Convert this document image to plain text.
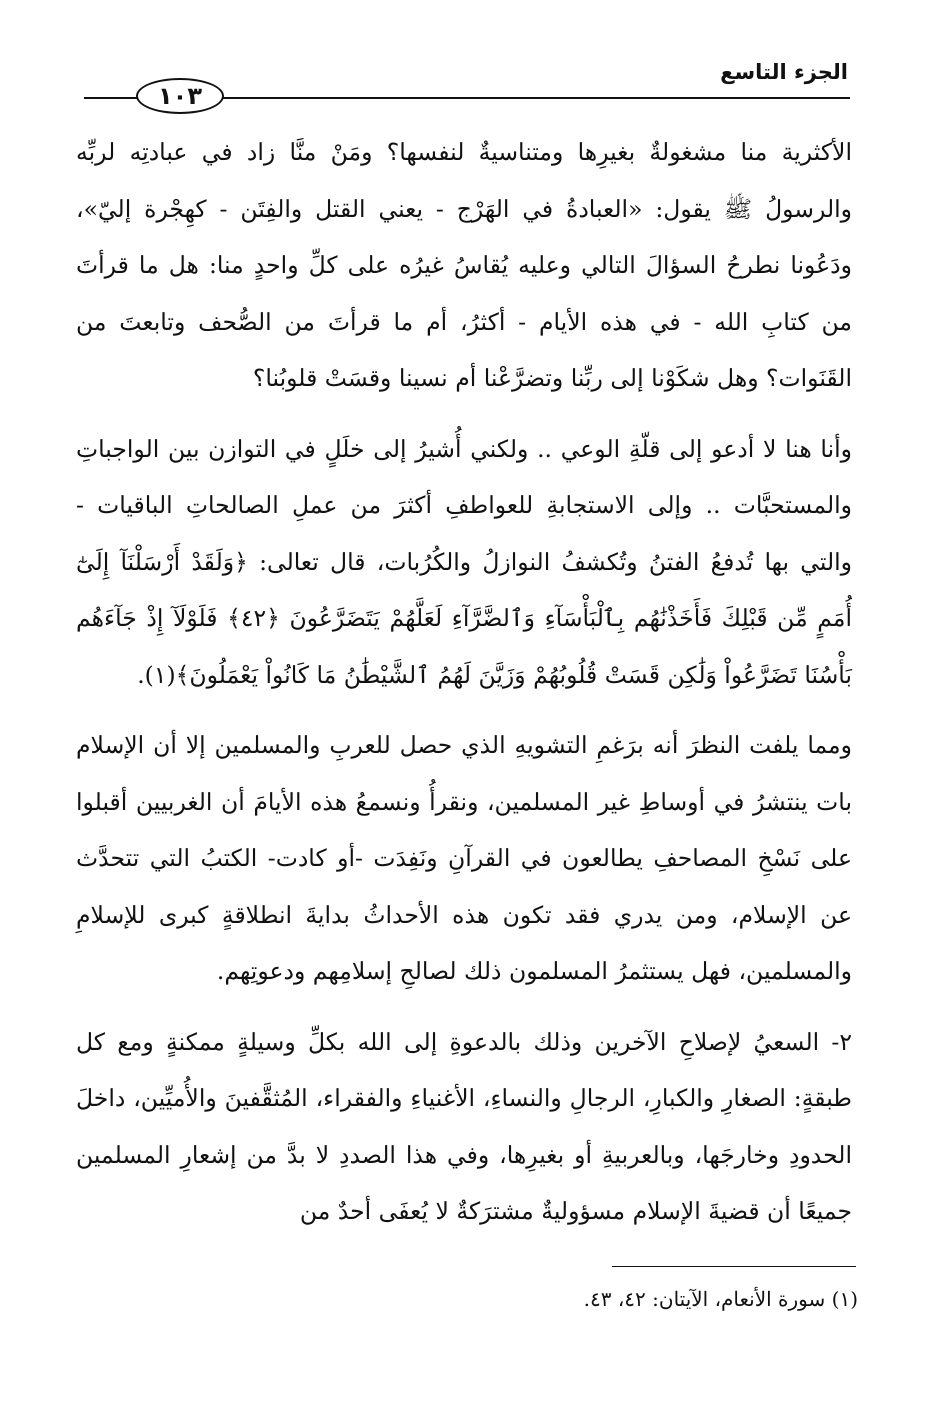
الجزء التاسع
١٠٣

الأكثرية منا مشغولةٌ بغيرِها ومتناسيةٌ لنفسها؟ ومَنْ منَّا زاد في عبادتِه لربِّه والرسولُ ﷺ يقول: «العبادةُ في الهَرْج - يعني القتل والفِتَن - كهِجْرة إليّ»، ودَعُونا نطرحُ السؤالَ التالي وعليه يُقاسُ غيرُه على كلِّ واحدٍ منا: هل ما قرأتَ من كتابِ الله - في هذه الأيام - أكثرُ، أم ما قرأتَ من الصُّحف وتابعتَ من القَنَوات؟ وهل شكَوْنا إلى ربِّنا وتضرَّعْنا أم نسينا وقسَتْ قلوبُنا؟

وأنا هنا لا أدعو إلى قلّةِ الوعي .. ولكني أُشيرُ إلى خلَلٍ في التوازن بين الواجباتِ والمستحبَّات .. وإلى الاستجابةِ للعواطفِ أكثرَ من عملِ الصالحاتِ الباقيات - والتي بها تُدفعُ الفتنُ وتُكشفُ النوازلُ والكُرُبات، قال تعالى: ﴿وَلَقَدْ أَرْسَلْنَآ إِلَىٰٓ أُمَمٍ مِّن قَبْلِكَ فَأَخَذْنَٰهُم بِٱلْبَأْسَآءِ وَٱلضَّرَّآءِ لَعَلَّهُمْ يَتَضَرَّعُونَ ﴿٤٢﴾ فَلَوْلَآ إِذْ جَآءَهُم بَأْسُنَا تَضَرَّعُواْ وَلَٰكِن قَسَتْ قُلُوبُهُمْ وَزَيَّنَ لَهُمُ ٱلشَّيْطَٰنُ مَا كَانُواْ يَعْمَلُونَ﴾(١).

ومما يلفت النظرَ أنه برَغمِ التشويهِ الذي حصل للعربِ والمسلمين إلا أن الإسلام بات ينتشرُ في أوساطِ غير المسلمين، ونقرأُ ونسمعُ هذه الأيامَ أن الغربيين أقبلوا على نَسْخِ المصاحفِ يطالعون في القرآنِ ونَفِدَت -أو كادت- الكتبُ التي تتحدَّث عن الإسلام، ومن يدري فقد تكون هذه الأحداثُ بدايةَ انطلاقةٍ كبرى للإسلامِ والمسلمين، فهل يستثمرُ المسلمون ذلك لصالحِ إسلامِهم ودعوتِهم.

٢- السعيُ لإصلاحِ الآخرين وذلك بالدعوةِ إلى الله بكلِّ وسيلةٍ ممكنةٍ ومع كل طبقةٍ: الصغارِ والكبارِ، الرجالِ والنساءِ، الأغنياءِ والفقراء، المُثقَّفينَ والأُميِّين، داخلَ الحدودِ وخارجَها، وبالعربيةِ أو بغيرِها، وفي هذا الصددِ لا بدَّ من إشعارِ المسلمين جميعًا أن قضيةَ الإسلام مسؤوليةٌ مشترَكةٌ لا يُعفَى أحدٌ من

(١) سورة الأنعام، الآيتان: ٤٢، ٤٣.
